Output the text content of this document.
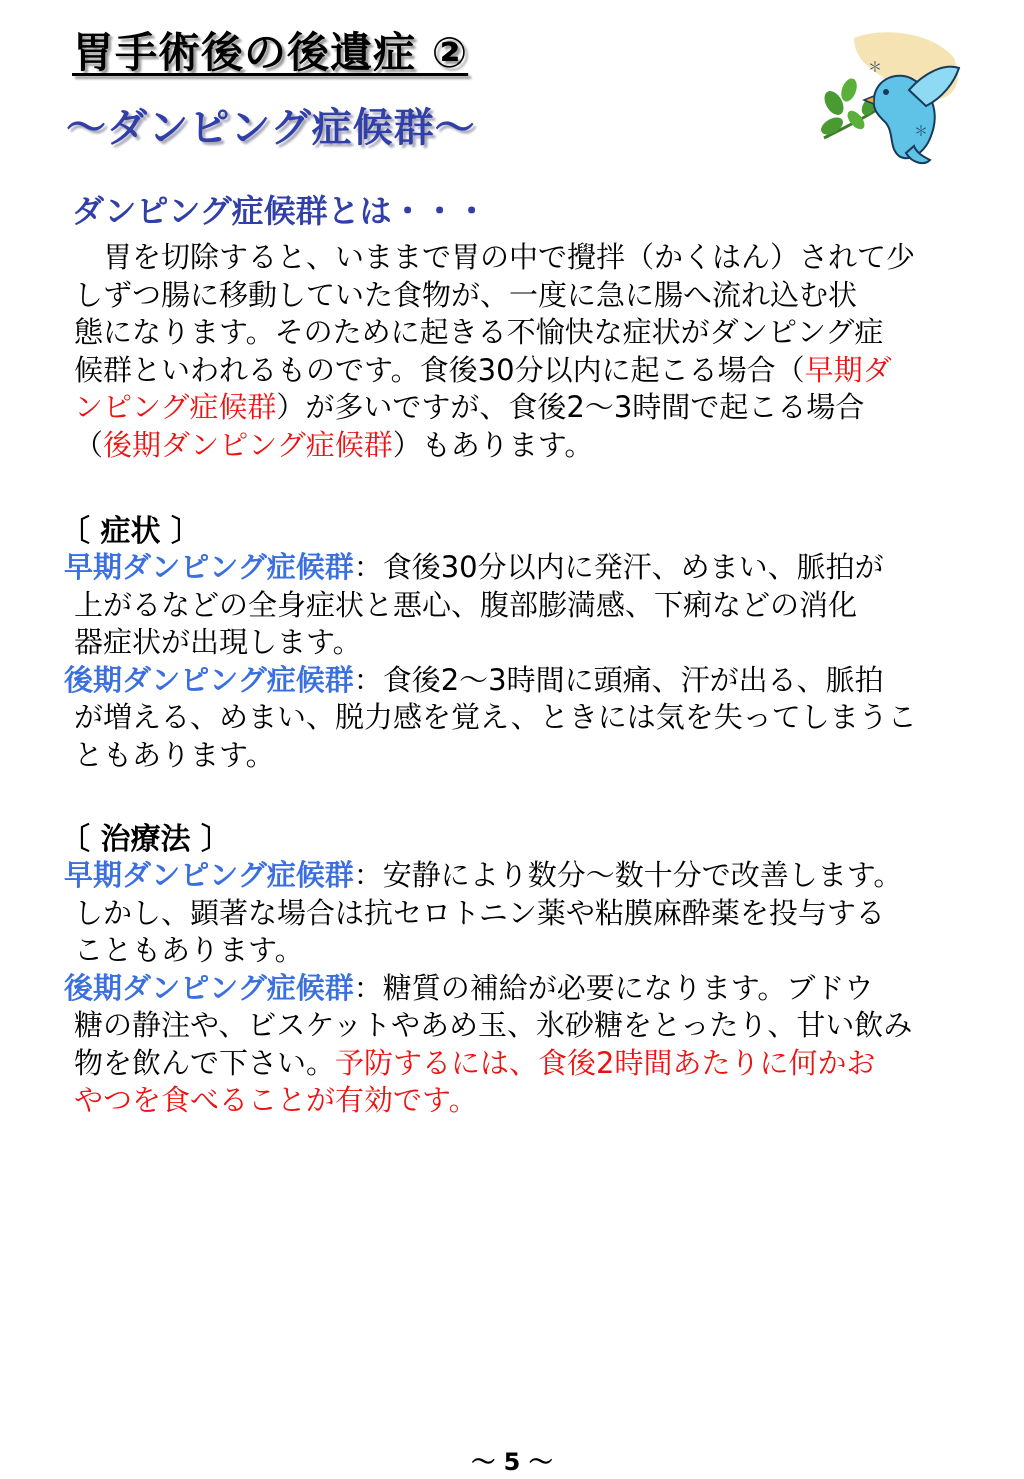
胃手術後の後遺症 ②
～ダンピング症候群～
＊
＊
ダンピング症候群とは・・・
　胃を切除すると、いままで胃の中で攪拌（かくはん）されて少
しずつ腸に移動していた食物が、一度に急に腸へ流れ込む状
態になります。そのために起きる不愉快な症状がダンピング症
候群といわれるものです。食後30分以内に起こる場合（早期ダ
ンピング症候群）が多いですが、食後2～3時間で起こる場合
（後期ダンピング症候群）もあります。
〔 症状 〕
早期ダンピング症候群：食後30分以内に発汗、めまい、脈拍が
上がるなどの全身症状と悪心、腹部膨満感、下痢などの消化
器症状が出現します。
後期ダンピング症候群：食後2～3時間に頭痛、汗が出る、脈拍
が増える、めまい、脱力感を覚え、ときには気を失ってしまうこ
ともあります。
〔 治療法 〕
早期ダンピング症候群：安静により数分～数十分で改善します。
しかし、顕著な場合は抗セロトニン薬や粘膜麻酔薬を投与する
こともあります。
後期ダンピング症候群：糖質の補給が必要になります。ブドウ
糖の静注や、ビスケットやあめ玉、氷砂糖をとったり、甘い飲み
物を飲んで下さい。予防するには、食後2時間あたりに何かお
やつを食べることが有効です。
～ 5 ～
